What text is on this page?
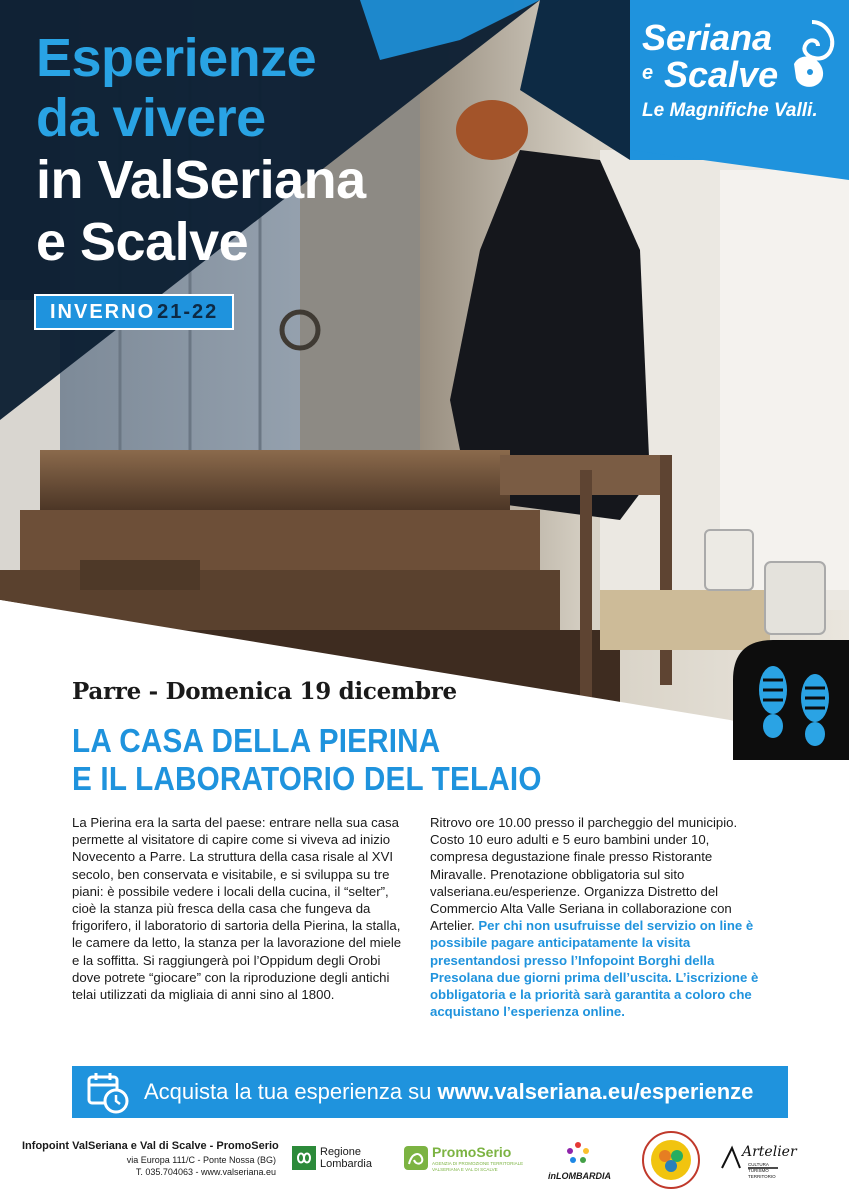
Seriana
e Scalve
Le Magnifiche Valli.
Esperienze
da vivere
in ValSeriana
e Scalve
INVERNO 21-22
Parre - Domenica 19 dicembre
LA CASA DELLA PIERINA
E IL LABORATORIO DEL TELAIO
La Pierina era la sarta del paese: entrare nella sua casa permette al visitatore di capire come si viveva ad inizio Novecento a Parre. La struttura della casa risale al XVI secolo, ben conservata e visitabile, e si sviluppa su tre piani: è possibile vedere i locali della cucina, il “selter”, cioè la stanza più fresca della casa che fungeva da frigorifero, il laboratorio di sartoria della Pierina, la stalla, le camere da letto, la stanza per la lavorazione del miele e la soffitta. Si raggiungerà poi l’Oppidum degli Orobi dove potrete “giocare” con la riproduzione degli antichi telai utilizzati da migliaia di anni sino al 1800.
Ritrovo ore 10.00 presso il parcheggio del municipio. Costo 10 euro adulti e 5 euro bambini under 10, compresa degustazione finale presso Ristorante Miravalle. Prenotazione obbligatoria sul sito valseriana.eu/esperienze. Organizza Distretto del Commercio Alta Valle Seriana in collaborazione con Artelier. Per chi non usufruisse del servizio on line è possibile pagare anticipatamente la visita presentandosi presso l’Infopoint Borghi della Presolana due giorni prima dell’uscita. L’iscrizione è obbligatoria e la priorità sarà garantita a coloro che acquistano l’esperienza online.
Acquista la tua esperienza su www.valseriana.eu/esperienze
Infopoint ValSeriana e Val di Scalve - PromoSerio
via Europa 111/C - Ponte Nossa (BG)
T. 035.704063 - www.valseriana.eu
Regione
Lombardia
PromoSerio
AGENZIA DI PROMOZIONE TERRITORIALE
VALSERIANA E VAL DI SCALVE
inLOMBARDIA
Artelier
CULTURA TURISMO TERRITORIO
